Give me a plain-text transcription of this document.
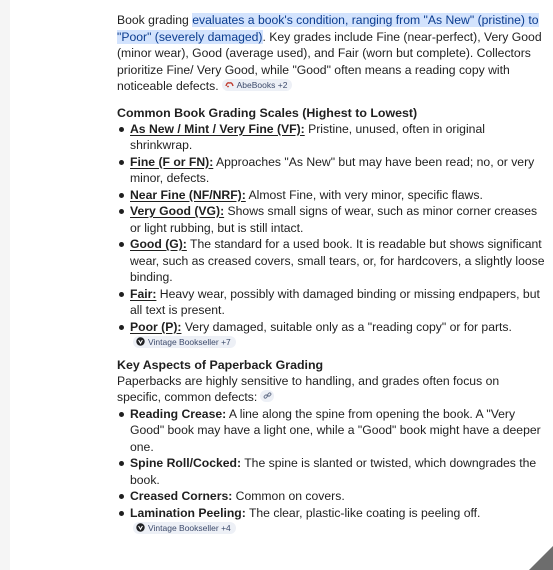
Book grading evaluates a book's condition, ranging from "As New" (pristine) to "Poor" (severely damaged). Key grades include Fine (near-perfect), Very Good (minor wear), Good (average used), and Fair (worn but complete). Collectors prioritize Fine/ Very Good, while "Good" often means a reading copy with noticeable defects. AbeBooks +2

Common Book Grading Scales (Highest to Lowest)
As New / Mint / Very Fine (VF): Pristine, unused, often in original shrinkwrap.
Fine (F or FN): Approaches "As New" but may have been read; no, or very minor, defects.
Near Fine (NF/NRF): Almost Fine, with very minor, specific flaws.
Very Good (VG): Shows small signs of wear, such as minor corner creases or light rubbing, but is still intact.
Good (G): The standard for a used book. It is readable but shows significant wear, such as creased covers, small tears, or, for hardcovers, a slightly loose binding.
Fair: Heavy wear, possibly with damaged binding or missing endpapers, but all text is present.
Poor (P): Very damaged, suitable only as a "reading copy" or for parts.
Vintage Bookseller +7
Key Aspects of Paperback Grading

Paperbacks are highly sensitive to handling, and grades often focus on specific, common defects:

Reading Crease: A line along the spine from opening the book. A "Very Good" book may have a light one, while a "Good" book might have a deeper one.
Spine Roll/Cocked: The spine is slanted or twisted, which downgrades the book.
Creased Corners: Common on covers.
Lamination Peeling: The clear, plastic-like coating is peeling off.
Vintage Bookseller +4
